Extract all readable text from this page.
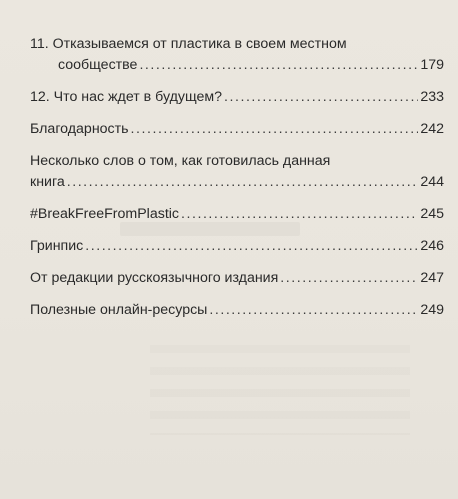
11. Отказываемся от пластика в своем местном
сообществе . . .	179
12. Что нас ждет в будущем? . . .	233
Благодарность . . .	242
Несколько слов о том, как готовилась данная
книга . . .	244
#BreakFreeFromPlastic . . .	245
Гринпис . . .	246
От редакции русскоязычного издания . . .	247
Полезные онлайн-ресурсы . . .	249
